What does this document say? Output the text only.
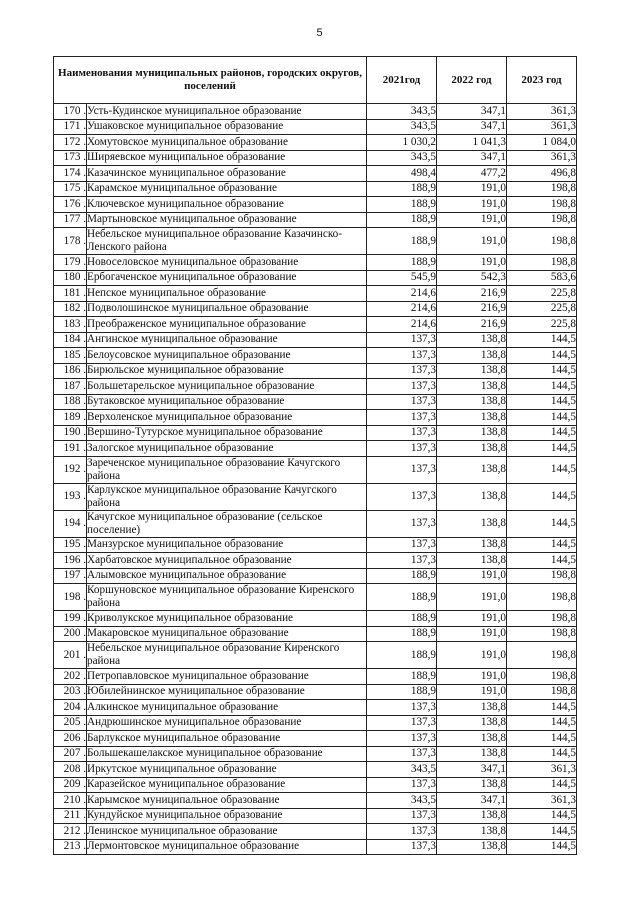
5
Наименования муниципальных районов, городских округов, поселений		2021год	2022 год	2023 год
170 .	Усть-Кудинское муниципальное образование	343,5	347,1	361,3
171 .	Ушаковское муниципальное образование	343,5	347,1	361,3
172 .	Хомутовское муниципальное образование	1 030,2	1 041,3	1 084,0
173 .	Ширяевское муниципальное образование	343,5	347,1	361,3
174 .	Казачинское муниципальное образование	498,4	477,2	496,8
175 .	Карамское муниципальное образование	188,9	191,0	198,8
176 .	Ключевское муниципальное образование	188,9	191,0	198,8
177 .	Мартыновское муниципальное образование	188,9	191,0	198,8
178 .	Небельское муниципальное образование Казачинско-Ленского района	188,9	191,0	198,8
179 .	Новоселовское муниципальное образование	188,9	191,0	198,8
180 .	Ербогаченское муниципальное образование	545,9	542,3	583,6
181 .	Непское муниципальное образование	214,6	216,9	225,8
182 .	Подволошинское муниципальное образование	214,6	216,9	225,8
183 .	Преображенское муниципальное образование	214,6	216,9	225,8
184 .	Ангинское муниципальное образование	137,3	138,8	144,5
185 .	Белоусовское муниципальное образование	137,3	138,8	144,5
186 .	Бирюльское муниципальное образование	137,3	138,8	144,5
187 .	Большетарельское муниципальное образование	137,3	138,8	144,5
188 .	Бутаковское муниципальное образование	137,3	138,8	144,5
189 .	Верхоленское муниципальное образование	137,3	138,8	144,5
190 .	Вершино-Тутурское муниципальное образование	137,3	138,8	144,5
191 .	Залогское муниципальное образование	137,3	138,8	144,5
192 .	Зареченское муниципальное образование Качугского района	137,3	138,8	144,5
193 .	Карлукское муниципальное образование Качугского района	137,3	138,8	144,5
194 .	Качугское муниципальное образование (сельское поселение)	137,3	138,8	144,5
195 .	Манзурское муниципальное образование	137,3	138,8	144,5
196 .	Харбатовское муниципальное образование	137,3	138,8	144,5
197 .	Алымовское муниципальное образование	188,9	191,0	198,8
198 .	Коршуновское муниципальное образование Киренского района	188,9	191,0	198,8
199 .	Криволукское муниципальное образование	188,9	191,0	198,8
200 .	Макаровское муниципальное образование	188,9	191,0	198,8
201 .	Небельское муниципальное образование Киренского района	188,9	191,0	198,8
202 .	Петропавловское муниципальное образование	188,9	191,0	198,8
203 .	Юбилейнинское муниципальное образование	188,9	191,0	198,8
204 .	Алкинское муниципальное образование	137,3	138,8	144,5
205 .	Андрюшинское муниципальное образование	137,3	138,8	144,5
206 .	Барлукское муниципальное образование	137,3	138,8	144,5
207 .	Большекашелакское муниципальное образование	137,3	138,8	144,5
208 .	Иркутское муниципальное образование	343,5	347,1	361,3
209 .	Каразейское муниципальное образование	137,3	138,8	144,5
210 .	Карымское муниципальное образование	343,5	347,1	361,3
211 .	Кундуйское муниципальное образование	137,3	138,8	144,5
212 .	Ленинское муниципальное образование	137,3	138,8	144,5
213 .	Лермонтовское муниципальное образование	137,3	138,8	144,5
